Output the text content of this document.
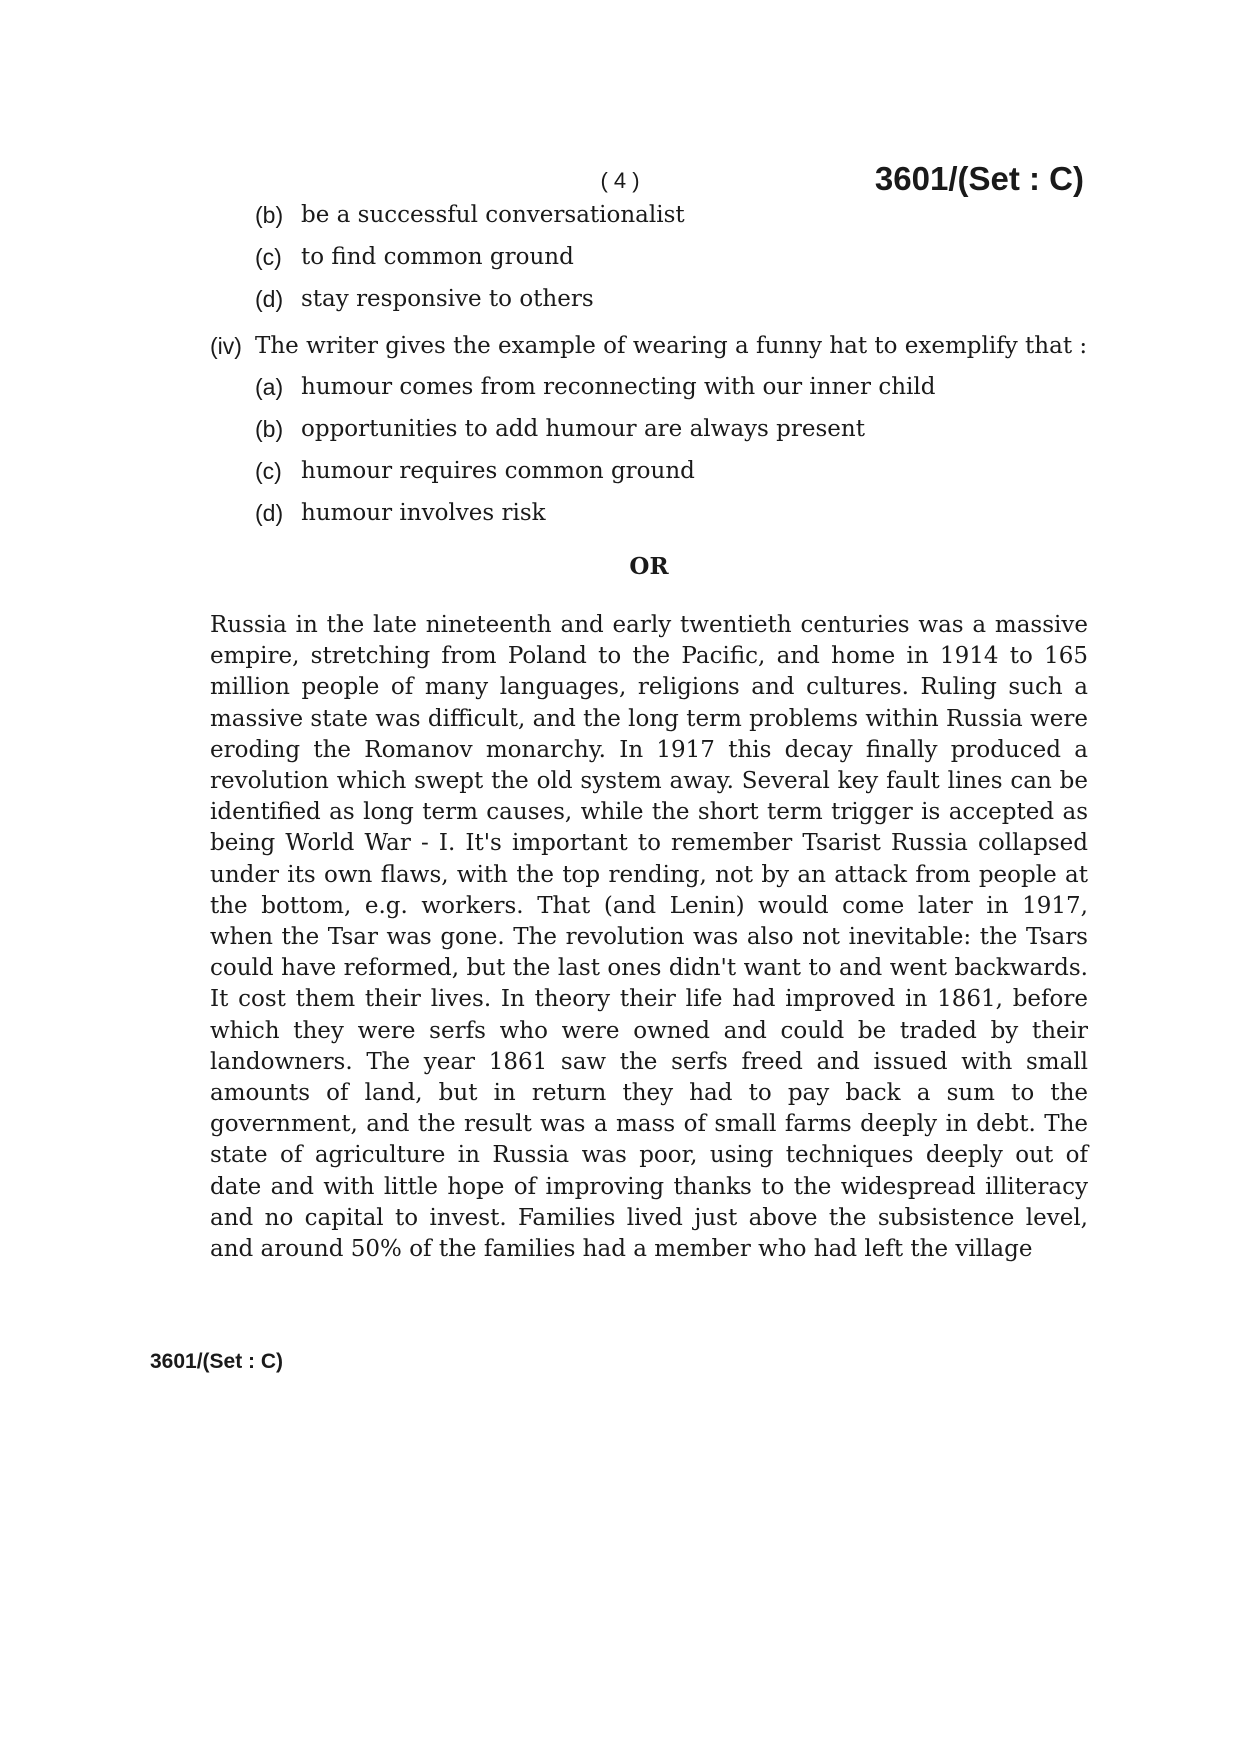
( 4 )	3601/(Set : C)
(b) be a successful conversationalist
(c) to find common ground
(d) stay responsive to others
(iv) The writer gives the example of wearing a funny hat to exemplify that :
(a) humour comes from reconnecting with our inner child
(b) opportunities to add humour are always present
(c) humour requires common ground
(d) humour involves risk
OR

Russia in the late nineteenth and early twentieth centuries was a massive empire, stretching from Poland to the Pacific, and home in 1914 to 165 million people of many languages, religions and cultures. Ruling such a massive state was difficult, and the long term problems within Russia were eroding the Romanov monarchy. In 1917 this decay finally produced a revolution which swept the old system away. Several key fault lines can be identified as long term causes, while the short term trigger is accepted as being World War - I. It's important to remember Tsarist Russia collapsed under its own flaws, with the top rending, not by an attack from people at the bottom, e.g. workers. That (and Lenin) would come later in 1917, when the Tsar was gone. The revolution was also not inevitable: the Tsars could have reformed, but the last ones didn't want to and went backwards. It cost them their lives. In theory their life had improved in 1861, before which they were serfs who were owned and could be traded by their landowners. The year 1861 saw the serfs freed and issued with small amounts of land, but in return they had to pay back a sum to the government, and the result was a mass of small farms deeply in debt. The state of agriculture in Russia was poor, using techniques deeply out of date and with little hope of improving thanks to the widespread illiteracy and no capital to invest. Families lived just above the subsistence level, and around 50% of the families had a member who had left the village

3601/(Set : C)
